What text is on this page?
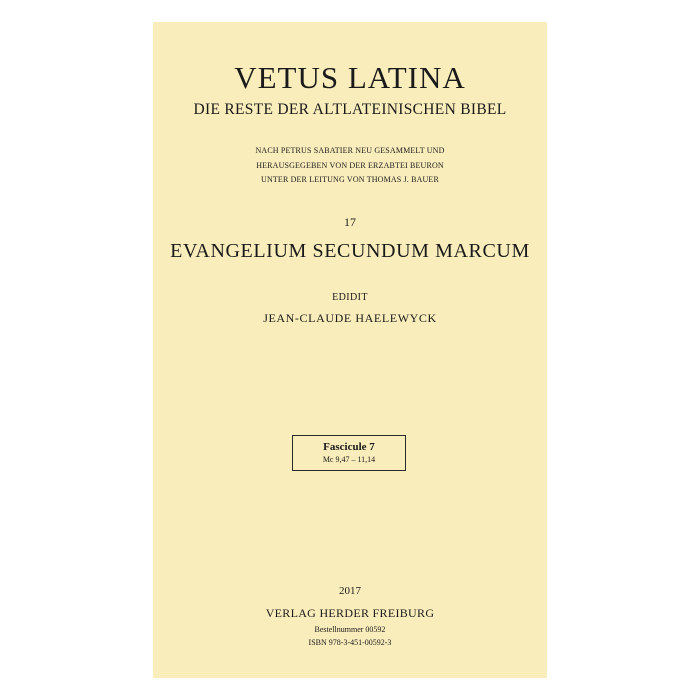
VETUS LATINA
DIE RESTE DER ALTLATEINISCHEN BIBEL
NACH PETRUS SABATIER NEU GESAMMELT UND
HERAUSGEGEBEN VON DER ERZABTEI BEURON
UNTER DER LEITUNG VON THOMAS J. BAUER
17
EVANGELIUM SECUNDUM MARCUM
EDIDIT
JEAN-CLAUDE HAELEWYCK
Fascicule 7
Mc 9,47 – 11,14
2017
VERLAG HERDER FREIBURG
Bestellnummer 00592
ISBN 978-3-451-00592-3
